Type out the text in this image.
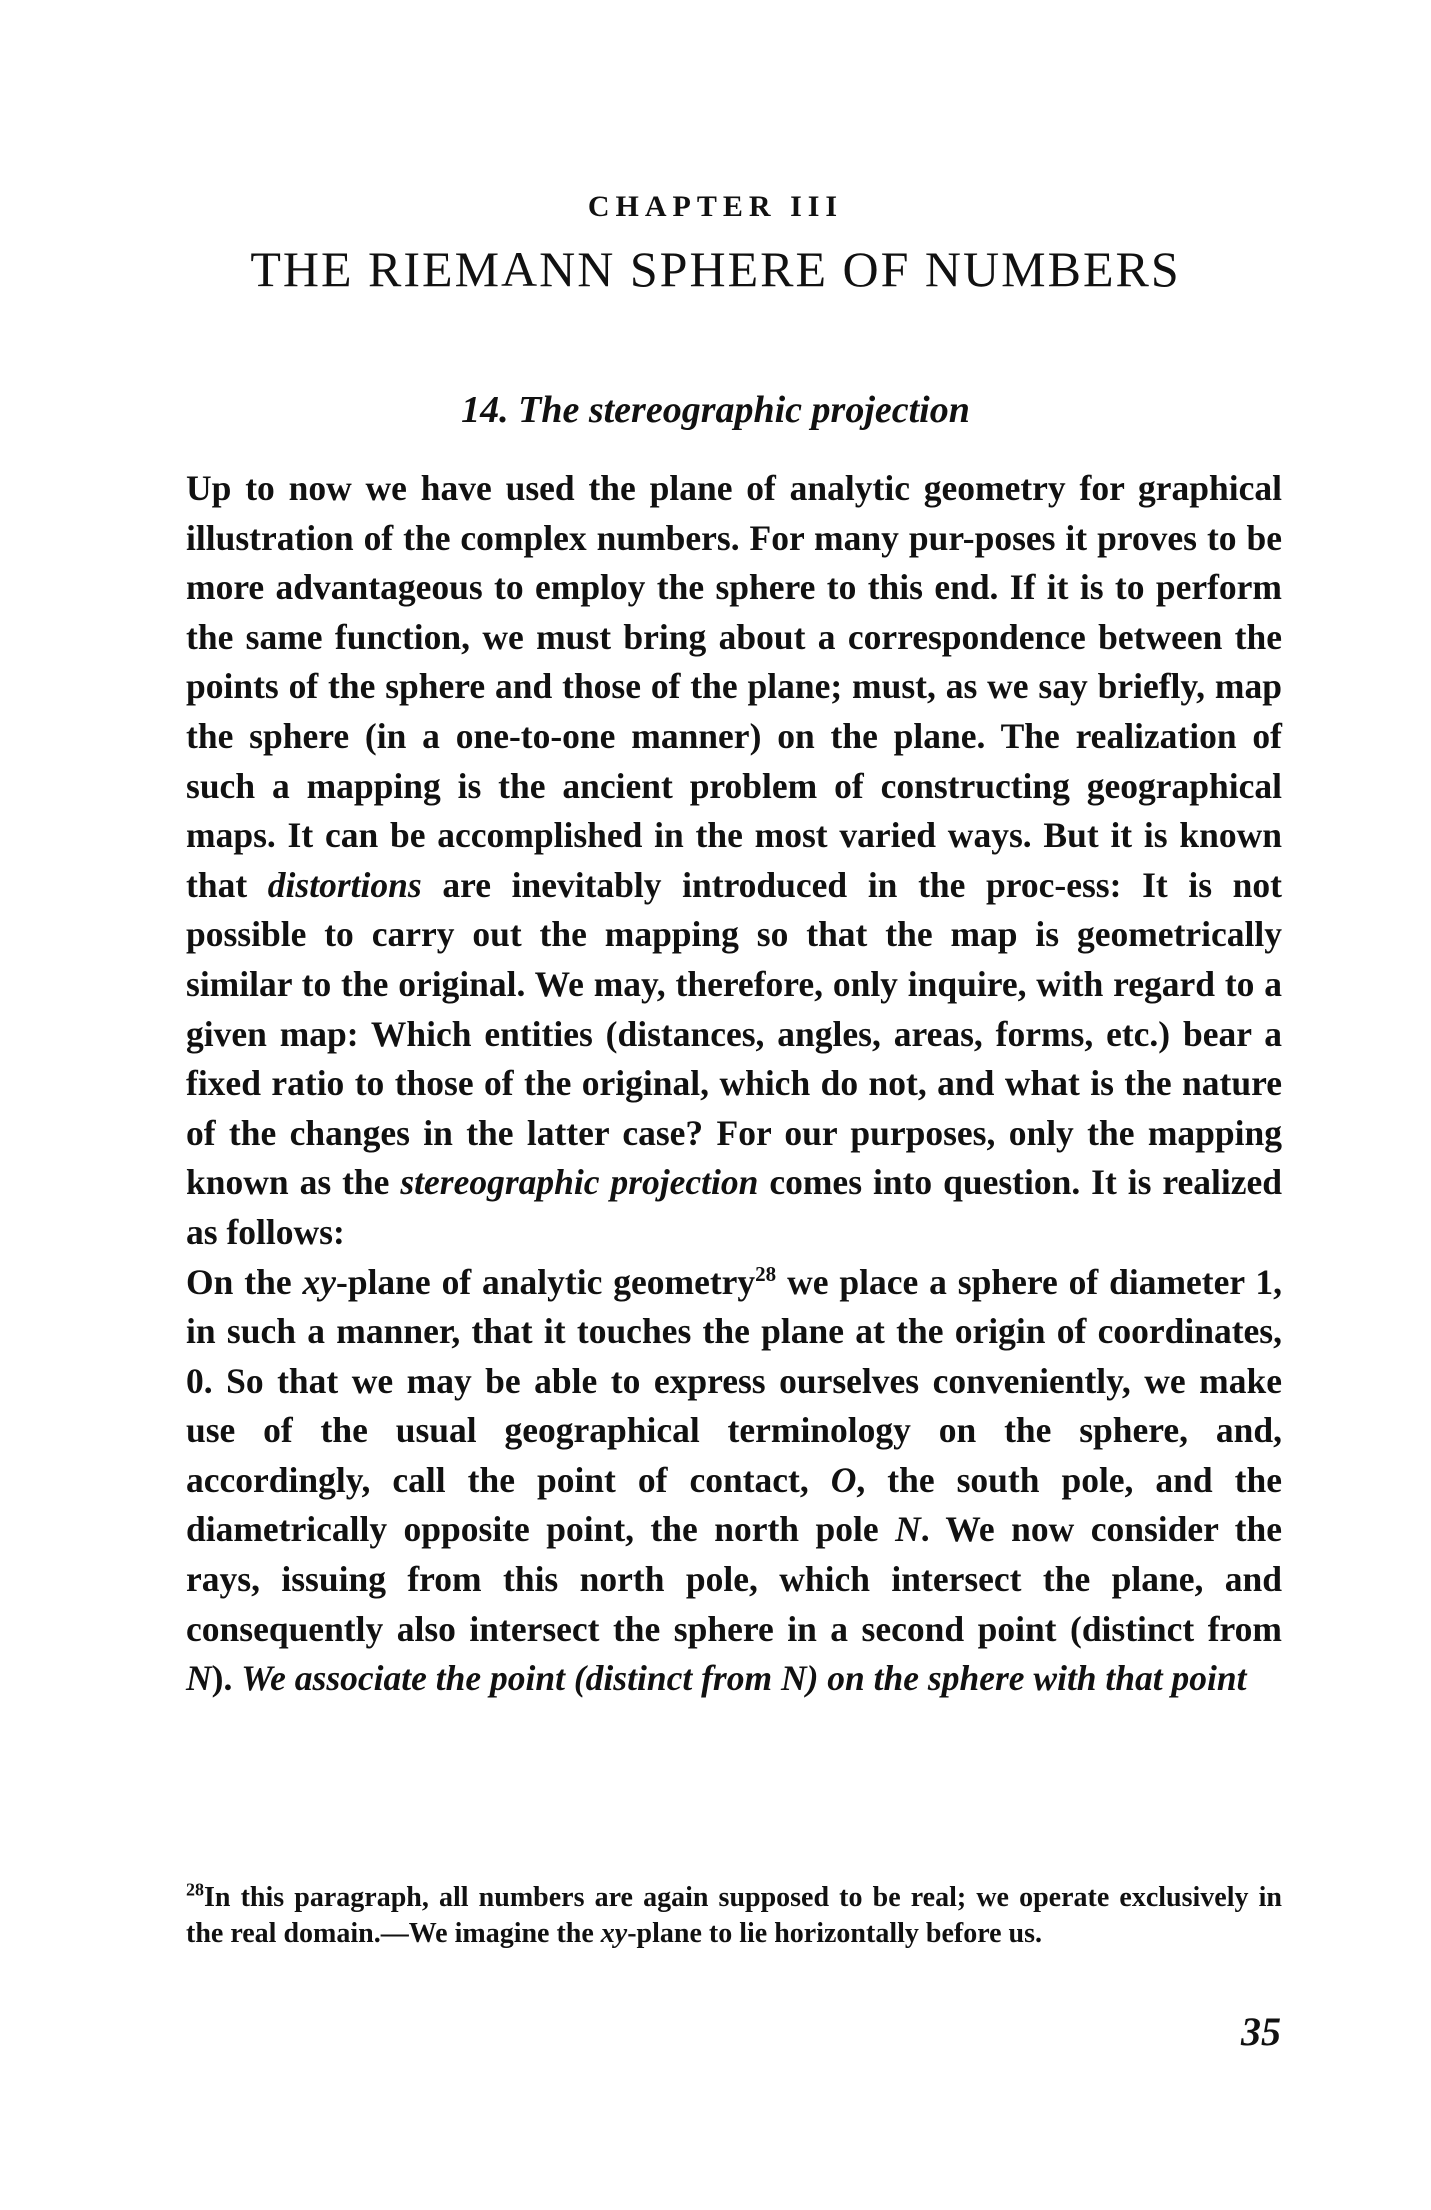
CHAPTER III
THE RIEMANN SPHERE OF NUMBERS
14. The stereographic projection

Up to now we have used the plane of analytic geometry for graphical illustration of the complex numbers. For many pur-poses it proves to be more advantageous to employ the sphere to this end. If it is to perform the same function, we must bring about a correspondence between the points of the sphere and those of the plane; must, as we say briefly, map the sphere (in a one-to-one manner) on the plane. The realization of such a mapping is the ancient problem of constructing geographical maps. It can be accomplished in the most varied ways. But it is known that distortions are inevitably introduced in the proc-ess: It is not possible to carry out the mapping so that the map is geometrically similar to the original. We may, therefore, only inquire, with regard to a given map: Which entities (distances, angles, areas, forms, etc.) bear a fixed ratio to those of the original, which do not, and what is the nature of the changes in the latter case? For our purposes, only the mapping known as the stereographic projection comes into question. It is realized as follows:

On the xy-plane of analytic geometry$^{28}$ we place a sphere of diameter 1, in such a manner, that it touches the plane at the origin of coordinates, 0. So that we may be able to express ourselves conveniently, we make use of the usual geographical terminology on the sphere, and, accordingly, call the point of contact, O, the south pole, and the diametrically opposite point, the north pole N. We now consider the rays, issuing from this north pole, which intersect the plane, and consequently also intersect the sphere in a second point (distinct from N). We associate the point (distinct from N) on the sphere with that point

$^{28}$In this paragraph, all numbers are again supposed to be real; we operate exclusively in the real domain.—We imagine the xy-plane to lie horizontally before us.
35
